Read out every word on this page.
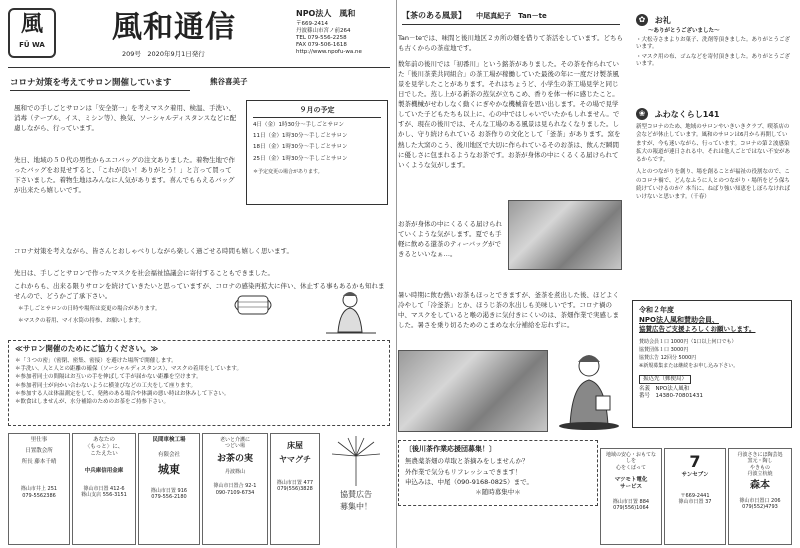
風
FŪ WA	風和通信
209号　2020年9月1日発行
NPO法人　風和
〒669-2414
丹波篠山市宮ノ前264
TEL 079-556-2258
FAX 079-506-1618
http://www.npofu-wa.ne
コロナ対策を考えてサロン開催しています	熊谷喜美子
風和での手しごとサロンは「安全第一」を考えマスク着用、検温、手洗い、消毒（テーブル、イス、ミシン等）、換気、ソーシャルディスタンスなどに配慮しながら、行っています。
先日、地域の５０代の男性からエコバッグの注文ありました。着物生地で作ったバッグをお見せすると、「これが良い！ありがとう！」と言って買って下さいました。着物生地はみんなに人気があります。喜んでもらえるバッグが出来たら嬉しいです。
コロナ対策を考えながら、皆さんとおしゃべりしながら楽しく過ごせる時間も嬉しく思います。
先日は、手しごとサロンで作ったマスクを社会福祉協議会に寄付することもできました。
これからも、出来る限りサロンを続けていきたいと思っていますが、コロナの感染再拡大に伴い、休止する事もあるかも知れませんので、どうかご了承下さい。
＊手しごとサロンの日時や場所は変更の場合があります。
＊マスクの着用、マイ水筒の持参、お願いします。
９月の予定
4日（金）1時30分～手しごとサロン
11日（金）1時30分～手しごとサロン
18日（金）1時30分～手しごとサロン
25日（金）1時30分～手しごとサロン
＊予定変更の場合があります。
≪サロン開催のためにご協力ください。≫
＊「３つの密」（密閉、密集、密接）を避けた場所で開催します。
＊手洗い、人と人との距離の確保（ソーシャルディスタンス）、マスクの着用をしています。
＊参加者同士の間隔はお互いの手を伸ばして手が届かない距離を空けます。
＊参加者同士が向かい合わないように横並びなどの工夫をして座ります。
＊参加する人は体温測定をして、発熱のある場合や体調の悪い時はお休みして下さい。
＊飲食はしませんが、水分補給のためのお茶をご持参下さい。
里仕事
日置散会所
所長 藤本千晴
篠山市井上 251
079-5562386
あなたの
〈もっと〉に、
こたえたい
中兵庫信用金庫
篠山市日置 412-6
篠山支店 556-3151
民間車検工場
有限会社
城東
篠山市日置 916
079-556-2180
老いと介護に
つどい場
お茶の実
丹波篠山
篠山市日置合 92-1
090-7109-6734
床屋
ヤマグチ
篠山市日置 477
079(556)3828
協賛広告
募集中！
【茶のある風景】 中尾真紀子　Tan－te
Tan－teでは、味間と後川地区２カ所の畑を借りて茶活をしています。どちらも古くからの茶産地です。
数年前の後川では「初番川」という銘茶がありました。その茶を作られていた「後川茶業共同組合」の茶工場が稼働していた最後の年に一度だけ製茶風景を見学したことがあります。それはちょうど、小学生の茶工場見学と同じ日でした。蒸し上がる新茶の蒸気が立ちこめ、香りを体一杯に感じたこと。製茶機械がせわしなく動くにぎやかな機械音を思い出します。その場で見学していた子どもたちも以上に、心の中ではしゃいでいたかもしれません。ですが、現在の後川では、そんな工場のある風景は見られなくなりました。しかし、守り続けられている お茶作りの文化として「釜茶」があります。窯を熱した大窯のこう、後川地区で大切に作られているそのお茶は、飲んだ瞬間に優しさに包まれるようなお茶です。お茶が身体の中にくるくる届けられていくような気がします。
お茶が身体の中にくるくる届けられていくような気がします。夏でも手軽に飲める還茶のティーバッグができるといいなぁ…。
暑い時期に飲む熱いお茶もほっとできますが、釜茶を煮出した後、ほどよく冷やして「冷釜茶」とか、ほうじ茶の氷出しも美味しいです。コロナ禍の中、マスクをしていると喉の渇きに気付きにくいのは、茶畑作業で実感しました。暑さを乗り切るためのこまめな水分補給を忘れずに。
〔後川茶作業応援団募集！〕
無農薬茶畑の草取と茶摘みをしませんか？
外作業で気分もリフレッシュできます！
申込みは、中尾（090-9168-0825）まで。
＊随時募集中＊
✿ お礼
～ありがとうございました～
・大松寺さまよりお菓子、洗剤等頂きました。ありがとうございます。
・マスク用の布、ゴムなどを寄付頂きました。ありがとうございます。
❀ ふわなくらし141
新型コロナのため、地域のサロンやいきいきクラブ、喫茶店の会などが休止しています。風和のサロンは6月から再開していますが、今も迷いながら、行っています。コロナの第２波感染拡大の報道が連日される中、それは他人ごとではない不安があるからです。
人とのつながりを創り、場を創ることが福祉の役割なので、このコロナ禍で、どんなふうに人とのつながり・場所をどう保ち続けていけるのか？本当に、ねばり強い知恵をしぼらなければいけないと思います。（千春）
令和２年度
NPO法人風和賛助会員、
協賛広告ご支援よろしくお願いします。
賛助会員１口 1000円（1口以上何口でも）
協賛団体１口 3000円
協賛広告 12回分 5000円
※新規募集または継続をお申し込み下さい。
振込先（郵便局）
名義　NPO法人風和
番号　14380-70801431
地域の安心・おもてなしを
心をくばって
マツモト電化
サービス
篠山市日置 884
079(556)1064
7
サンセブン
〒669-2441
篠山市日置 37
丹波さきにほ陶芸処
窯元・陶し
やきもの
丹波立杭焼
森本
篠山市日置口 206
079(552)4793
